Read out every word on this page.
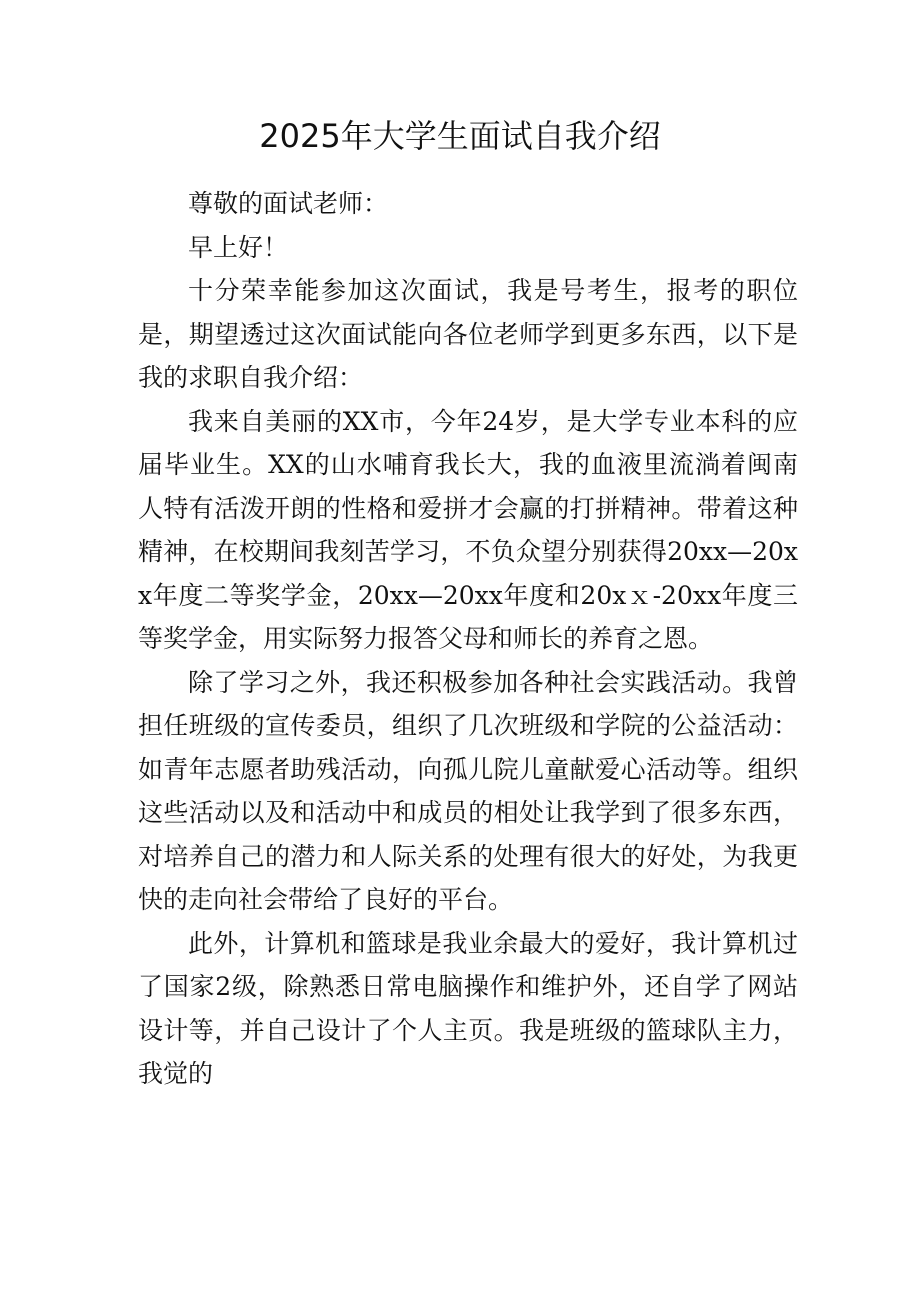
2025年大学生面试自我介绍

尊敬的面试老师：

早上好！

十分荣幸能参加这次面试，我是号考生，报考的职位是，期望透过这次面试能向各位老师学到更多东西，以下是我的求职自我介绍：

我来自美丽的XX市，今年24岁，是大学专业本科的应届毕业生。XX的山水哺育我长大，我的血液里流淌着闽南人特有活泼开朗的性格和爱拼才会赢的打拼精神。带着这种精神，在校期间我刻苦学习，不负众望分别获得20xx—20xx年度二等奖学金，20xx—20xx年度和20xｘ-20xx年度三等奖学金，用实际努力报答父母和师长的养育之恩。

除了学习之外，我还积极参加各种社会实践活动。我曾担任班级的宣传委员，组织了几次班级和学院的公益活动：如青年志愿者助残活动，向孤儿院儿童献爱心活动等。组织这些活动以及和活动中和成员的相处让我学到了很多东西，对培养自己的潜力和人际关系的处理有很大的好处，为我更快的走向社会带给了良好的平台。

此外，计算机和篮球是我业余最大的爱好，我计算机过了国家2级，除熟悉日常电脑操作和维护外，还自学了网站设计等，并自己设计了个人主页。我是班级的篮球队主力，我觉的
